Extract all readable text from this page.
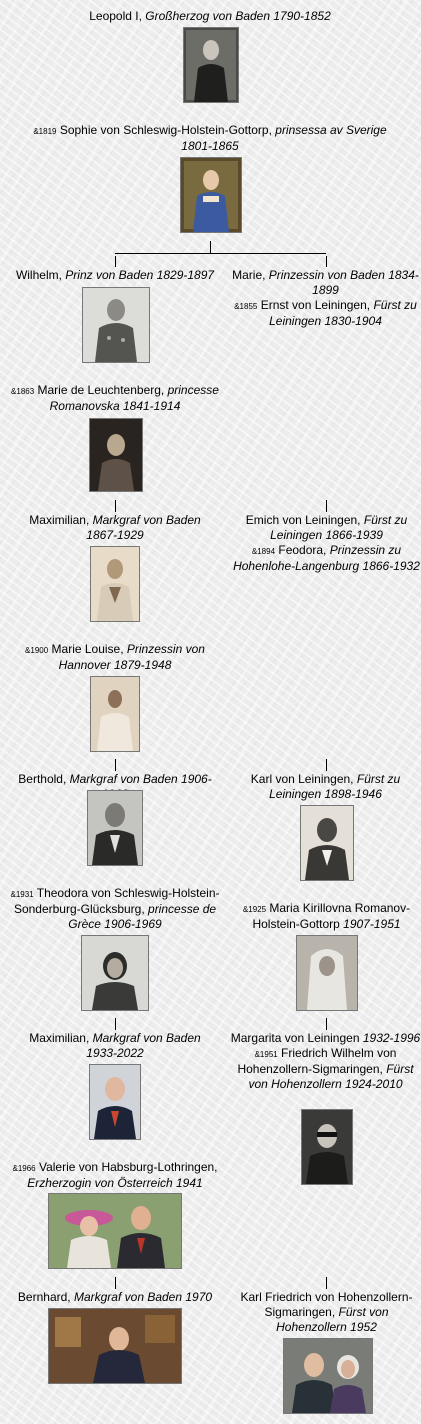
Leopold I, Großherzog von Baden 1790-1852
&1819 Sophie von Schleswig-Holstein-Gottorp, prinsessa av Sverige 1801-1865
Wilhelm, Prinz von Baden 1829-1897
&1863 Marie de Leuchtenberg, princesse Romanovska 1841-1914
Marie, Prinzessin von Baden 1834-1899
&1855 Ernst von Leiningen, Fürst zu Leiningen 1830-1904
Maximilian, Markgraf von Baden 1867-1929
&1900 Marie Louise, Prinzessin von Hannover 1879-1948
Emich von Leiningen, Fürst zu Leiningen 1866-1939
&1894 Feodora, Prinzessin zu Hohenlohe-Langenburg 1866-1932
Berthold, Markgraf von Baden 1906-
&1931 Theodora von Schleswig-Holstein-Sonderburg-Glücksburg, princesse de Grèce 1906-1969
Karl von Leiningen, Fürst zu Leiningen 1898-1946
&1925 Maria Kirillovna Romanov-Holstein-Gottorp 1907-1951
Maximilian, Markgraf von Baden 1933-2022
&1966 Valerie von Habsburg-Lothringen, Erzherzogin von Österreich 1941
Margarita von Leiningen 1932-1996
&1951 Friedrich Wilhelm von Hohenzollern-Sigmaringen, Fürst von Hohenzollern 1924-2010
Bernhard, Markgraf von Baden 1970	Karl Friedrich von Hohenzollern-Sigmaringen, Fürst von Hohenzollern 1952
